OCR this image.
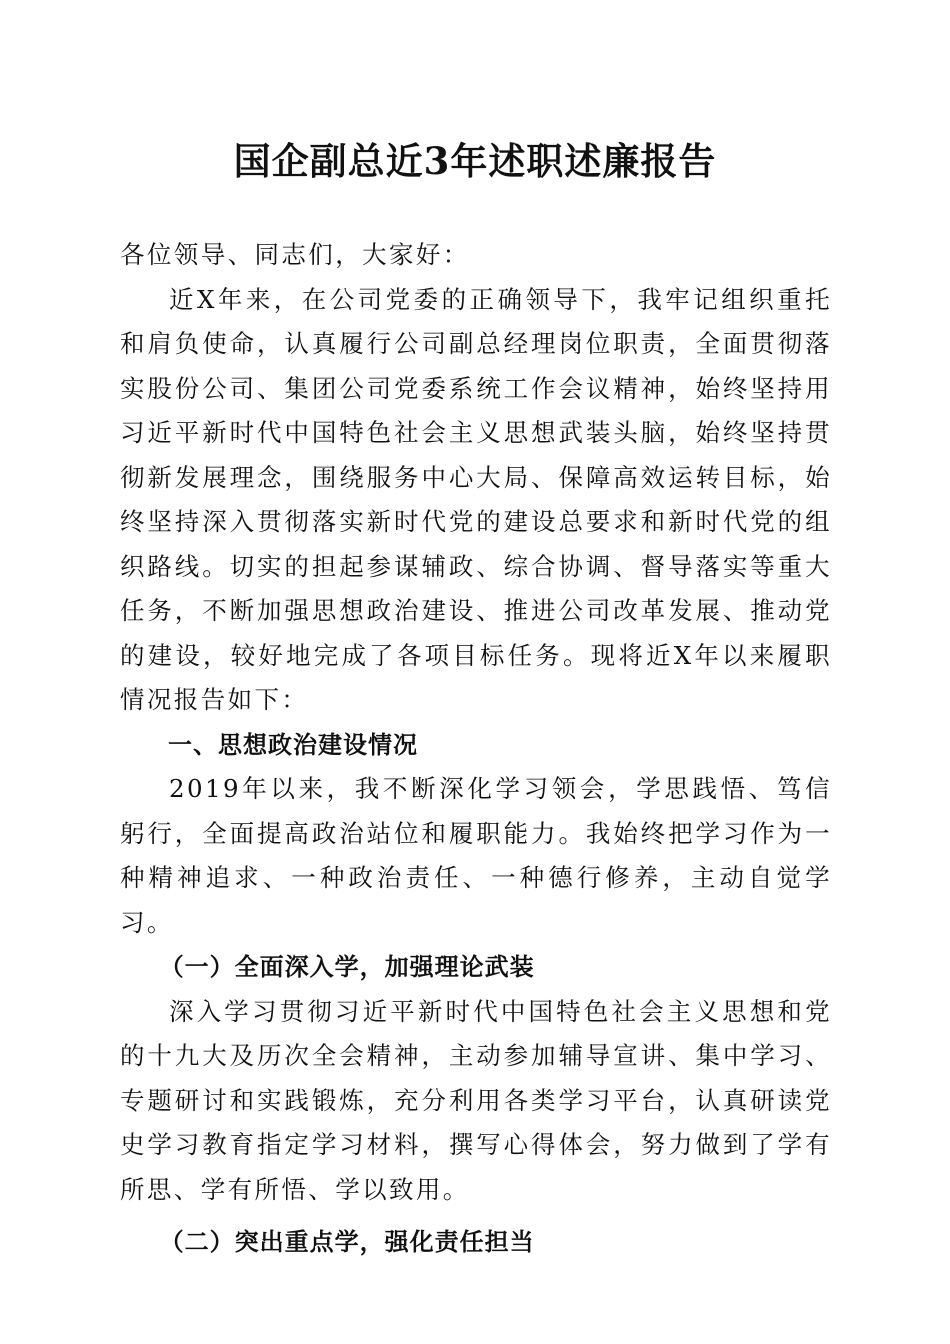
国企副总近3年述职述廉报告

各位领导、同志们，大家好：

近X年来，在公司党委的正确领导下，我牢记组织重托和肩负使命，认真履行公司副总经理岗位职责，全面贯彻落实股份公司、集团公司党委系统工作会议精神，始终坚持用习近平新时代中国特色社会主义思想武装头脑，始终坚持贯彻新发展理念，围绕服务中心大局、保障高效运转目标，始终坚持深入贯彻落实新时代党的建设总要求和新时代党的组织路线。切实的担起参谋辅政、综合协调、督导落实等重大任务，不断加强思想政治建设、推进公司改革发展、推动党的建设，较好地完成了各项目标任务。现将近X年以来履职情况报告如下：

一、思想政治建设情况

2019年以来，我不断深化学习领会，学思践悟、笃信躬行，全面提高政治站位和履职能力。我始终把学习作为一种精神追求、一种政治责任、一种德行修养，主动自觉学习。

（一）全面深入学，加强理论武装

深入学习贯彻习近平新时代中国特色社会主义思想和党的十九大及历次全会精神，主动参加辅导宣讲、集中学习、专题研讨和实践锻炼，充分利用各类学习平台，认真研读党史学习教育指定学习材料，撰写心得体会，努力做到了学有所思、学有所悟、学以致用。

（二）突出重点学，强化责任担当
